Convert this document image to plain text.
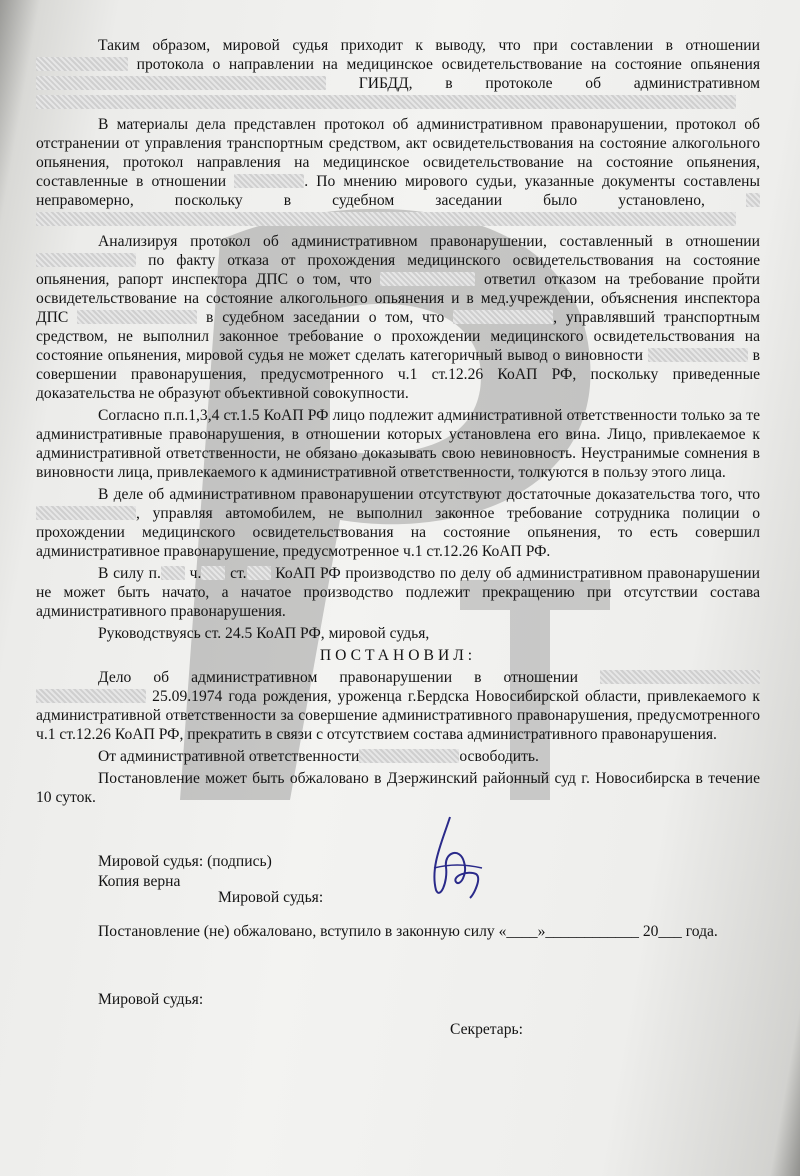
Таким образом, мировой судья приходит к выводу, что при составлении в отношении  протокола о направлении на медицинское освидетельствование на состояние опьянения  ГИБДД, в протоколе об административном

В материалы дела представлен протокол об административном правонарушении, протокол об отстранении от управления транспортным средством, акт освидетельствования на состояние алкогольного опьянения, протокол направления на медицинское освидетельствование на состояние опьянения, составленные в отношении	. По мнению мирового судьи, указанные документы составлены неправомерно, поскольку в судебном заседании было установлено,

Анализируя протокол об административном правонарушении, составленный в отношении  по факту отказа от прохождения медицинского освидетельствования на состояние опьянения, рапорт инспектора ДПС о том, что	ответил отказом на требование пройти освидетельствование на состояние алкогольного опьянения и в мед.учреждении, объяснения инспектора ДПС	в судебном заседании о том, что	, управлявший транспортным средством, не выполнил законное требование о прохождении медицинского освидетельствования на состояние опьянения, мировой судья не может сделать категоричный вывод о виновности	в совершении правонарушения, предусмотренного ч.1 ст.12.26 КоАП РФ, поскольку приведенные доказательства не образуют объективной совокупности.

Согласно п.п.1,3,4 ст.1.5 КоАП РФ лицо подлежит административной ответственности только за те административные правонарушения, в отношении которых установлена его вина. Лицо, привлекаемое к административной ответственности, не обязано доказывать свою невиновность. Неустранимые сомнения в виновности лица, привлекаемого к административной ответственности, толкуются в пользу этого лица.

В деле об административном правонарушении отсутствуют достаточные доказательства того, что , управляя автомобилем, не выполнил законное требование сотрудника полиции о прохождении медицинского освидетельствования на состояние опьянения, то есть совершил административное правонарушение, предусмотренное ч.1 ст.12.26 КоАП РФ.

В силу п. ч. ст. КоАП РФ производство по делу об административном правонарушении не может быть начато, а начатое производство подлежит прекращению при отсутствии состава административного правонарушения.

Руководствуясь ст. 24.5 КоАП РФ, мировой судья,

ПОСТАНОВИЛ:

Дело об административном правонарушении в отношении   25.09.1974 года рождения, уроженца г.Бердска Новосибирской области, привлекаемого к административной ответственности за совершение административного правонарушения, предусмотренного ч.1 ст.12.26 КоАП РФ, прекратить в связи с отсутствием состава административного правонарушения.

От административной ответственности	освободить.

Постановление может быть обжаловано в Дзержинский районный суд г. Новосибирска в течение 10 суток.

Мировой судья: (подпись)
Копия верна
Мировой судья:
Постановление (не) обжаловано, вступило в законную силу «____»____________ 20___ года.
Мировой судья:
Секретарь:
